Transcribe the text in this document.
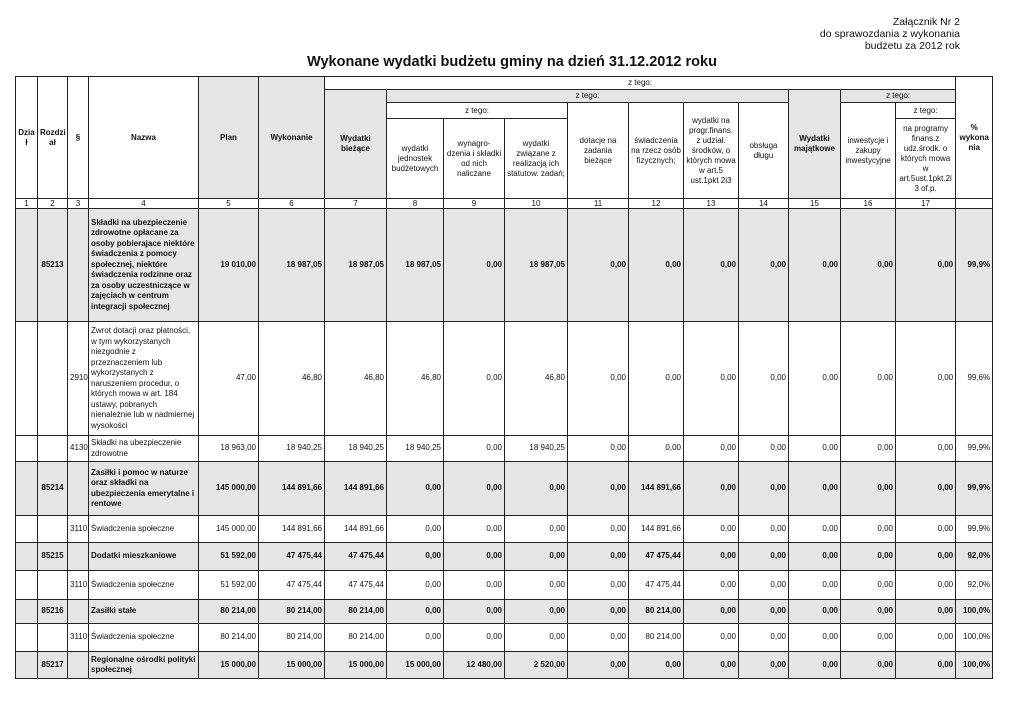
Załącznik Nr 2
do sprawozdania z wykonania
budżetu za 2012 rok
Wykonane wydatki budżetu gminy na dzień 31.12.2012 roku
Dzia ł	Rozdzi ał	§	Nazwa	Plan	Wykonanie	z tego:											% wykona nia
						Wydatki bieżące	z tego:							Wydatki majątkowe	z tego:		
							z tego:			dotacje na zadania bieżące	świadczenia na rzecz osób fizycznych;	wydatki na progr.finans. z udział. środków, o których mowa w art.5 ust.1pkt 2i3	obsługa długu		inwestycje i zakupy inwestycyjne	z tego:	
							wydatki jednostek budżetowych	wynagro- dzenia i składki od nich naliczane	wydatki związane z realizacją ich statutow. zadań;							na programy finans.z udz.środk. o których mowa w art.5ust.1pkt.2i 3 of.p.	
1	2	3	4	5	6	7	8	9	10	11	12	13	14	15	16	17	
	85213		Składki na ubezpieczenie zdrowotne opłacane za osoby pobierajace niektóre świadczenia z pomocy społecznej, niektóre świadczenia rodzinne oraz za osoby uczestniczące w zajęciach w centrum integracji społecznej	19 010,00	18 987,05	18 987,05	18 987,05	0,00	18 987,05	0,00	0,00	0,00	0,00	0,00	0,00	0,00	99,9%
		2910	Zwrot dotacji oraz płatności, w tym wykorzystanych niezgodnie z przeznaczeniem lub wykorzystanych z naruszeniem procedur, o których mowa w art. 184 ustawy, pobranych nienależnie lub w nadmiernej wysokości	47,00	46,80	46,80	46,80	0,00	46,80	0,00	0,00	0,00	0,00	0,00	0,00	0,00	99,6%
		4130	Składki na ubezpieczenie zdrowotne	18 963,00	18 940,25	18 940,25	18 940,25	0,00	18 940,25	0,00	0,00	0,00	0,00	0,00	0,00	0,00	99,9%
	85214		Zasiłki i pomoc w naturze oraz składki na ubezpieczenia emerytalne i rentowe	145 000,00	144 891,66	144 891,66	0,00	0,00	0,00	0,00	144 891,66	0,00	0,00	0,00	0,00	0,00	99,9%
		3110	Świadczenia społeczne	145 000,00	144 891,66	144 891,66	0,00	0,00	0,00	0,00	144 891,66	0,00	0,00	0,00	0,00	0,00	99,9%
	85215		Dodatki mieszkaniowe	51 592,00	47 475,44	47 475,44	0,00	0,00	0,00	0,00	47 475,44	0,00	0,00	0,00	0,00	0,00	92,0%
		3110	Świadczenia społeczne	51 592,00	47 475,44	47 475,44	0,00	0,00	0,00	0,00	47 475,44	0,00	0,00	0,00	0,00	0,00	92,0%
	85216		Zasiłki stałe	80 214,00	80 214,00	80 214,00	0,00	0,00	0,00	0,00	80 214,00	0,00	0,00	0,00	0,00	0,00	100,0%
		3110	Świadczenia społeczne	80 214,00	80 214,00	80 214,00	0,00	0,00	0,00	0,00	80 214,00	0,00	0,00	0,00	0,00	0,00	100,0%
	85217		Regionalne ośrodki polityki społecznej	15 000,00	15 000,00	15 000,00	15 000,00	12 480,00	2 520,00	0,00	0,00	0,00	0,00	0,00	0,00	0,00	100,0%
